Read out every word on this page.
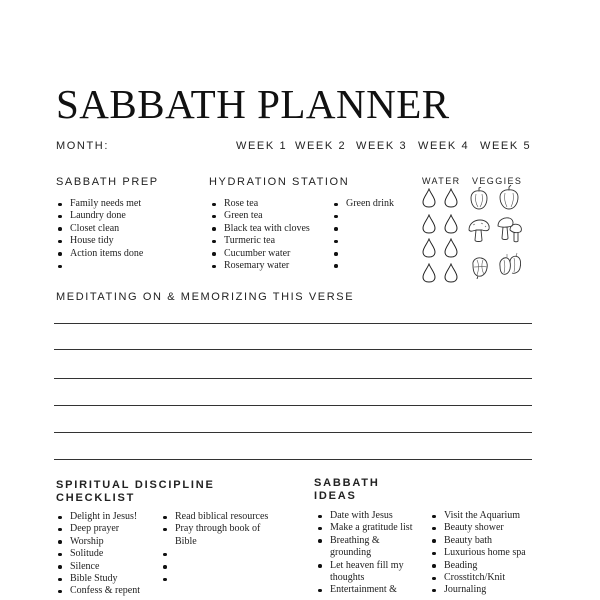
SABBATH PLANNER
MONTH:	WEEK 1 WEEK 2 WEEK 3 WEEK 4 WEEK 5
SABBATH PREP
Family needs met
Laundry done
Closet clean
House tidy
Action items done
HYDRATION STATION
Rose tea
Green tea
Black tea with cloves
Turmeric tea
Cucumber water
Rosemary water
Green drink
WATER VEGGIES
MEDITATING ON & MEMORIZING THIS VERSE
SPIRITUAL DISCIPLINE
CHECKLIST
Delight in Jesus!
Deep prayer
Worship
Solitude
Silence
Bible Study
Confess & repent
Read biblical resources
Pray through book of Bible
SABBATH
IDEAS
Date with Jesus
Make a gratitude list
Breathing & grounding
Let heaven fill my thoughts
Entertainment &
Visit the Aquarium
Beauty shower
Beauty bath
Luxurious home spa
Beading
Crosstitch/Knit
Journaling
